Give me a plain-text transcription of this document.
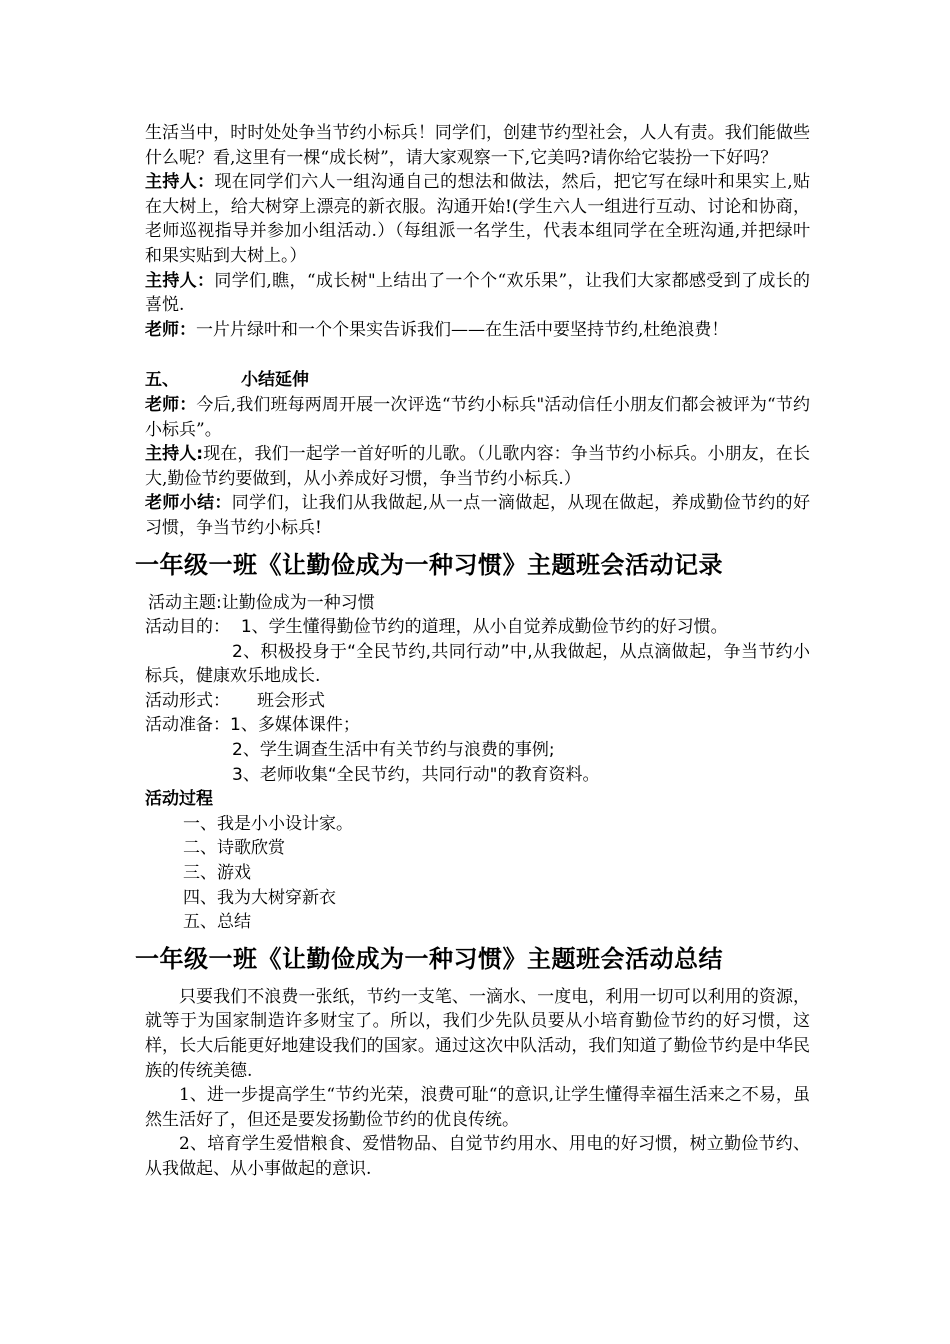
生活当中，时时处处争当节约小标兵！同学们，创建节约型社会，人人有责。我们能做些什么呢？看,这里有一棵“成长树”，请大家观察一下,它美吗?请你给它装扮一下好吗？

主持人：现在同学们六人一组沟通自己的想法和做法，然后，把它写在绿叶和果实上,贴在大树上，给大树穿上漂亮的新衣服。沟通开始!(学生六人一组进行互动、讨论和协商，老师巡视指导并参加小组活动.）（每组派一名学生，代表本组同学在全班沟通,并把绿叶和果实贴到大树上。）

主持人：同学们,瞧，“成长树"上结出了一个个“欢乐果”，让我们大家都感受到了成长的喜悦.

老师：一片片绿叶和一个个果实告诉我们——在生活中要坚持节约,杜绝浪费！

五、	小结延伸

老师：今后,我们班每两周开展一次评选“节约小标兵"活动信任小朋友们都会被评为“节约小标兵”。

主持人:现在，我们一起学一首好听的儿歌。（儿歌内容：争当节约小标兵。小朋友，在长大,勤俭节约要做到，从小养成好习惯，争当节约小标兵.）

老师小结：同学们，让我们从我做起,从一点一滴做起，从现在做起，养成勤俭节约的好习惯，争当节约小标兵!

一年级一班《让勤俭成为一种习惯》主题班会活动记录

活动主题:让勤俭成为一种习惯

活动目的： 1、学生懂得勤俭节约的道理，从小自觉养成勤俭节约的好习惯。

2、积极投身于“全民节约,共同行动”中,从我做起，从点滴做起，争当节约小标兵，健康欢乐地成长.

活动形式： 班会形式

活动准备：1、多媒体课件；

2、学生调查生活中有关节约与浪费的事例;

3、老师收集“全民节约，共同行动"的教育资料。

活动过程

一、我是小小设计家。

二、诗歌欣赏

三、游戏

四、我为大树穿新衣

五、总结

一年级一班《让勤俭成为一种习惯》主题班会活动总结

只要我们不浪费一张纸，节约一支笔、一滴水、一度电，利用一切可以利用的资源，就等于为国家制造许多财宝了。所以，我们少先队员要从小培育勤俭节约的好习惯，这样，长大后能更好地建设我们的国家。通过这次中队活动，我们知道了勤俭节约是中华民族的传统美德.

1、进一步提高学生“节约光荣，浪费可耻“的意识,让学生懂得幸福生活来之不易，虽然生活好了，但还是要发扬勤俭节约的优良传统。

2、培育学生爱惜粮食、爱惜物品、自觉节约用水、用电的好习惯，树立勤俭节约、从我做起、从小事做起的意识.
